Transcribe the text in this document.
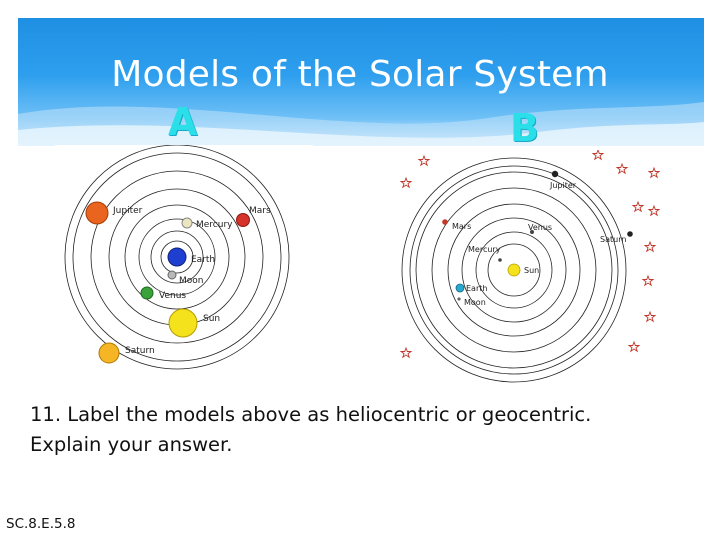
Models of the Solar System
A	B
Jupiter
Mercury
Mars
Earth
Moon
Venus
Sun
Saturn
Jupiter
Mars	Venus
Saturn
Mercury
Sun
Earth
Moon
11. Label the models above as heliocentric or geocentric.
Explain your answer.
SC.8.E.5.8
